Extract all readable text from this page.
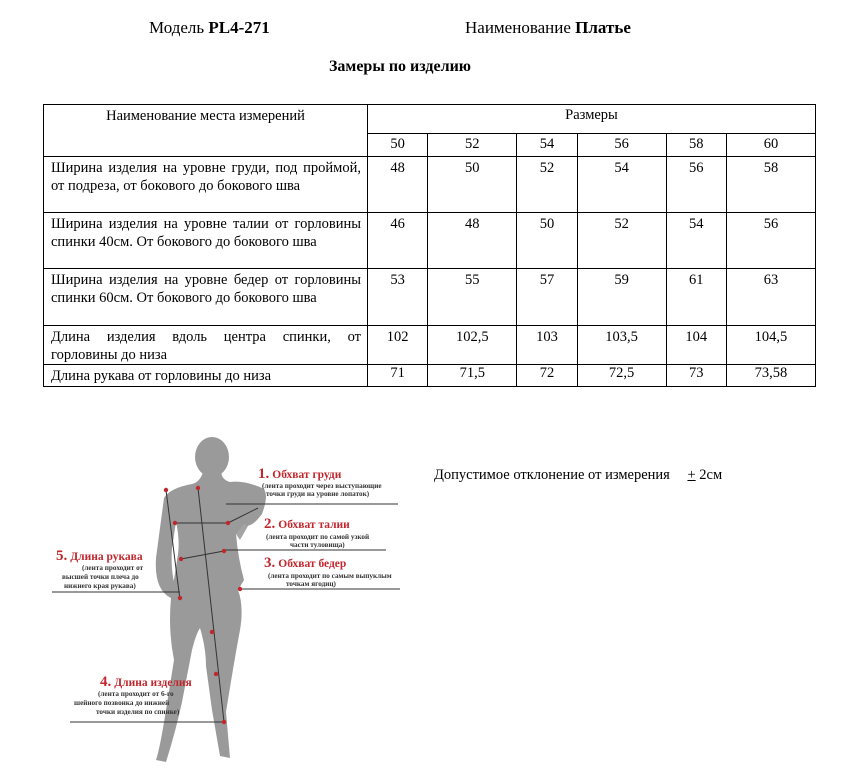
Модель PL4-271	Наименование Платье
Замеры по изделию
Наименование места измерений	Размеры					
	50	52	54	56	58	60
Ширина изделия на уровне груди, под проймой, от подреза, от бокового до бокового шва	48	50	52	54	56	58
Ширина изделия на уровне талии от горловины спинки 40см. От бокового до бокового шва	46	48	50	52	54	56
Ширина изделия на уровне бедер от горловины спинки 60см. От бокового до бокового шва	53	55	57	59	61	63
Длина изделия вдоль центра спинки, от горловины до низа	102	102,5	103	103,5	104	104,5
Длина рукава от горловины до низа	71	71,5	72	72,5	73	73,58
Допустимое отклонение от измерения + 2см
1. Обхват груди
(лента проходит через выступающие
точки груди на уровне лопаток)
2. Обхват талии
(лента проходит по самой узкой
части туловища)
3. Обхват бедер
(лента проходит по самым выпуклым
точкам ягодиц)
5. Длина рукава
(лента проходит от
высшей точки плеча до
нижнего края рукава)
4. Длина изделия
(лента проходит от 6-го
шейного позвонка до нижней
точки изделия по спинке)
